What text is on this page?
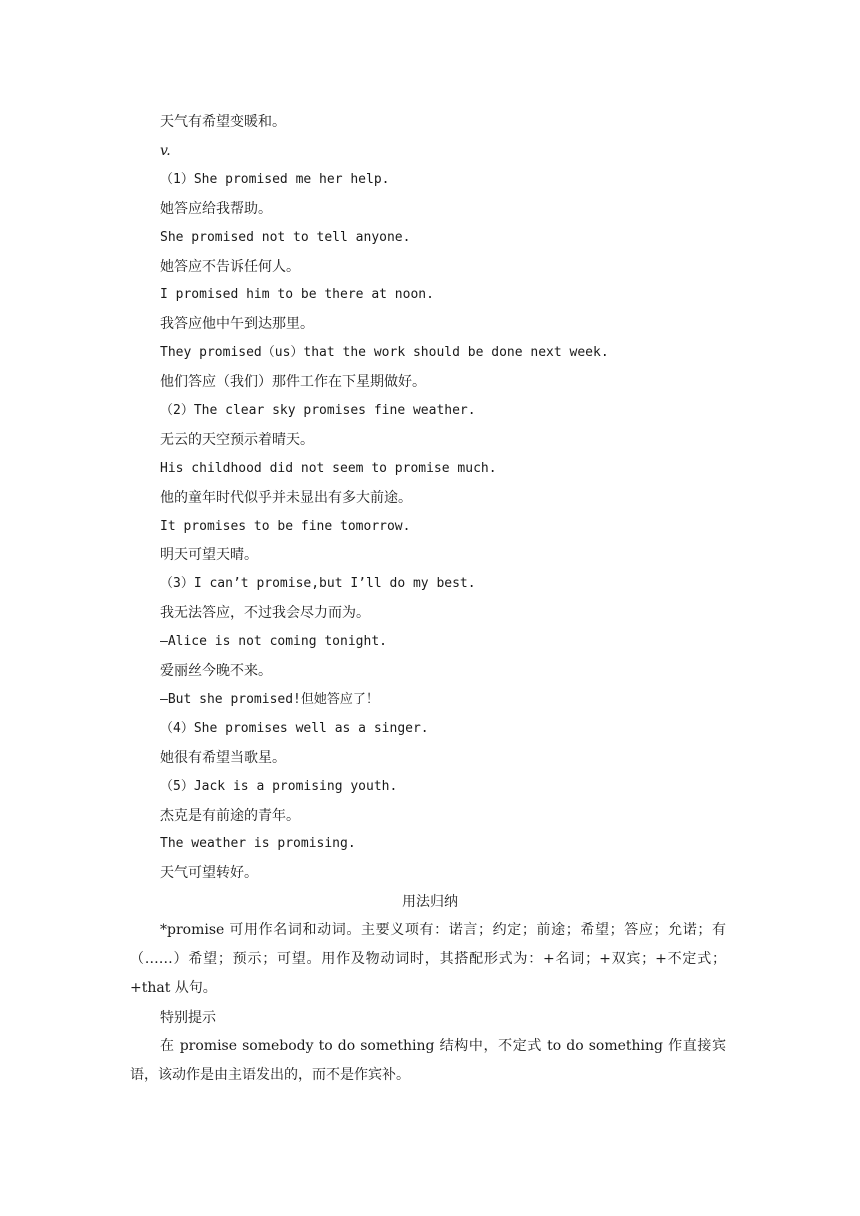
天气有希望变暖和。
v.
（1）She promised me her help.
她答应给我帮助。
She promised not to tell anyone.
她答应不告诉任何人。
I promised him to be there at noon.
我答应他中午到达那里。
They promised（us）that the work should be done next week.
他们答应（我们）那件工作在下星期做好。
（2）The clear sky promises fine weather.
无云的天空预示着晴天。
His childhood did not seem to promise much.
他的童年时代似乎并未显出有多大前途。
It promises to be fine tomorrow.
明天可望天晴。
（3）I can’t promise,but I’ll do my best.
我无法答应，不过我会尽力而为。
—Alice is not coming tonight.
爱丽丝今晚不来。
—But she promised!但她答应了！
（4）She promises well as a singer.
她很有希望当歌星。
（5）Jack is a promising youth.
杰克是有前途的青年。
The weather is promising.
天气可望转好。
用法归纳
*promise 可用作名词和动词。主要义项有：诺言；约定；前途；希望；答应；允诺；有（……）希望；预示；可望。用作及物动词时，其搭配形式为：+名词；+双宾；+不定式；+that 从句。
特别提示
在 promise somebody to do something 结构中，不定式 to do something 作直接宾语，该动作是由主语发出的，而不是作宾补。
